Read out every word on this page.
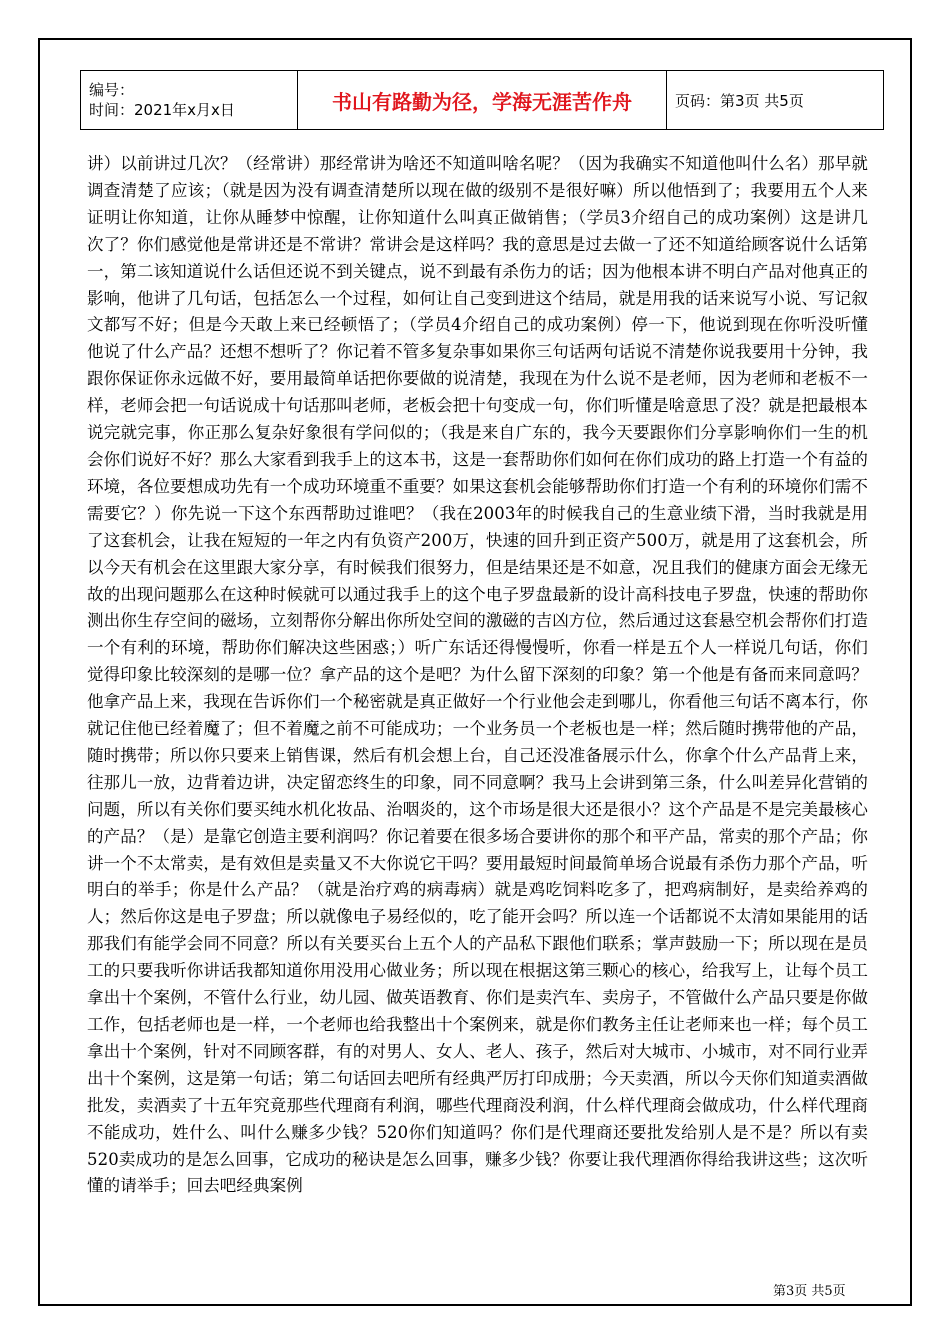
编号：
时间：2021年x月x日	书山有路勤为径，学海无涯苦作舟	页码：第3页 共5页

讲）以前讲过几次？（经常讲）那经常讲为啥还不知道叫啥名呢？（因为我确实不知道他叫什么名）那早就调查清楚了应该；（就是因为没有调查清楚所以现在做的级别不是很好嘛）所以他悟到了；我要用五个人来证明让你知道，让你从睡梦中惊醒，让你知道什么叫真正做销售；（学员3介绍自己的成功案例）这是讲几次了？你们感觉他是常讲还是不常讲？常讲会是这样吗？我的意思是过去做一了还不知道给顾客说什么话第一，第二该知道说什么话但还说不到关键点，说不到最有杀伤力的话；因为他根本讲不明白产品对他真正的影响，他讲了几句话，包括怎么一个过程，如何让自己变到进这个结局，就是用我的话来说写小说、写记叙文都写不好；但是今天敢上来已经顿悟了；（学员4介绍自己的成功案例）停一下，他说到现在你听没听懂他说了什么产品？还想不想听了？你记着不管多复杂事如果你三句话两句话说不清楚你说我要用十分钟，我跟你保证你永远做不好，要用最简单话把你要做的说清楚，我现在为什么说不是老师，因为老师和老板不一样，老师会把一句话说成十句话那叫老师，老板会把十句变成一句，你们听懂是啥意思了没？就是把最根本说完就完事，你正那么复杂好象很有学问似的；（我是来自广东的，我今天要跟你们分享影响你们一生的机会你们说好不好？那么大家看到我手上的这本书，这是一套帮助你们如何在你们成功的路上打造一个有益的环境，各位要想成功先有一个成功环境重不重要？如果这套机会能够帮助你们打造一个有利的环境你们需不需要它？）你先说一下这个东西帮助过谁吧？（我在2003年的时候我自己的生意业绩下滑，当时我就是用了这套机会，让我在短短的一年之内有负资产200万，快速的回升到正资产500万，就是用了这套机会，所以今天有机会在这里跟大家分享，有时候我们很努力，但是结果还是不如意，况且我们的健康方面会无缘无故的出现问题那么在这种时候就可以通过我手上的这个电子罗盘最新的设计高科技电子罗盘，快速的帮助你测出你生存空间的磁场，立刻帮你分解出你所处空间的激磁的吉凶方位，然后通过这套悬空机会帮你们打造一个有利的环境，帮助你们解决这些困惑；）听广东话还得慢慢听，你看一样是五个人一样说几句话，你们觉得印象比较深刻的是哪一位？拿产品的这个是吧？为什么留下深刻的印象？第一个他是有备而来同意吗？他拿产品上来，我现在告诉你们一个秘密就是真正做好一个行业他会走到哪儿，你看他三句话不离本行，你就记住他已经着魔了；但不着魔之前不可能成功；一个业务员一个老板也是一样；然后随时携带他的产品，随时携带；所以你只要来上销售课，然后有机会想上台，自己还没准备展示什么，你拿个什么产品背上来，往那儿一放，边背着边讲，决定留恋终生的印象，同不同意啊？我马上会讲到第三条，什么叫差异化营销的问题，所以有关你们要买纯水机化妆品、治咽炎的，这个市场是很大还是很小？这个产品是不是完美最核心的产品？（是）是靠它创造主要利润吗？你记着要在很多场合要讲你的那个和平产品，常卖的那个产品；你讲一个不太常卖，是有效但是卖量又不大你说它干吗？要用最短时间最简单场合说最有杀伤力那个产品，听明白的举手；你是什么产品？（就是治疗鸡的病毒病）就是鸡吃饲料吃多了，把鸡病制好，是卖给养鸡的人；然后你这是电子罗盘；所以就像电子易经似的，吃了能开会吗？所以连一个话都说不太清如果能用的话那我们有能学会同不同意？所以有关要买台上五个人的产品私下跟他们联系；掌声鼓励一下；所以现在是员工的只要我听你讲话我都知道你用没用心做业务；所以现在根据这第三颗心的核心，给我写上，让每个员工拿出十个案例，不管什么行业，幼儿园、做英语教育、你们是卖汽车、卖房子，不管做什么产品只要是你做工作，包括老师也是一样，一个老师也给我整出十个案例来，就是你们教务主任让老师来也一样；每个员工拿出十个案例，针对不同顾客群，有的对男人、女人、老人、孩子，然后对大城市、小城市，对不同行业弄出十个案例，这是第一句话；第二句话回去吧所有经典严厉打印成册；今天卖酒，所以今天你们知道卖酒做批发，卖酒卖了十五年究竟那些代理商有利润，哪些代理商没利润，什么样代理商会做成功，什么样代理商不能成功，姓什么、叫什么赚多少钱？520你们知道吗？你们是代理商还要批发给别人是不是？所以有卖520卖成功的是怎么回事，它成功的秘诀是怎么回事，赚多少钱？你要让我代理酒你得给我讲这些；这次听懂的请举手；回去吧经典案例

第3页 共5页
